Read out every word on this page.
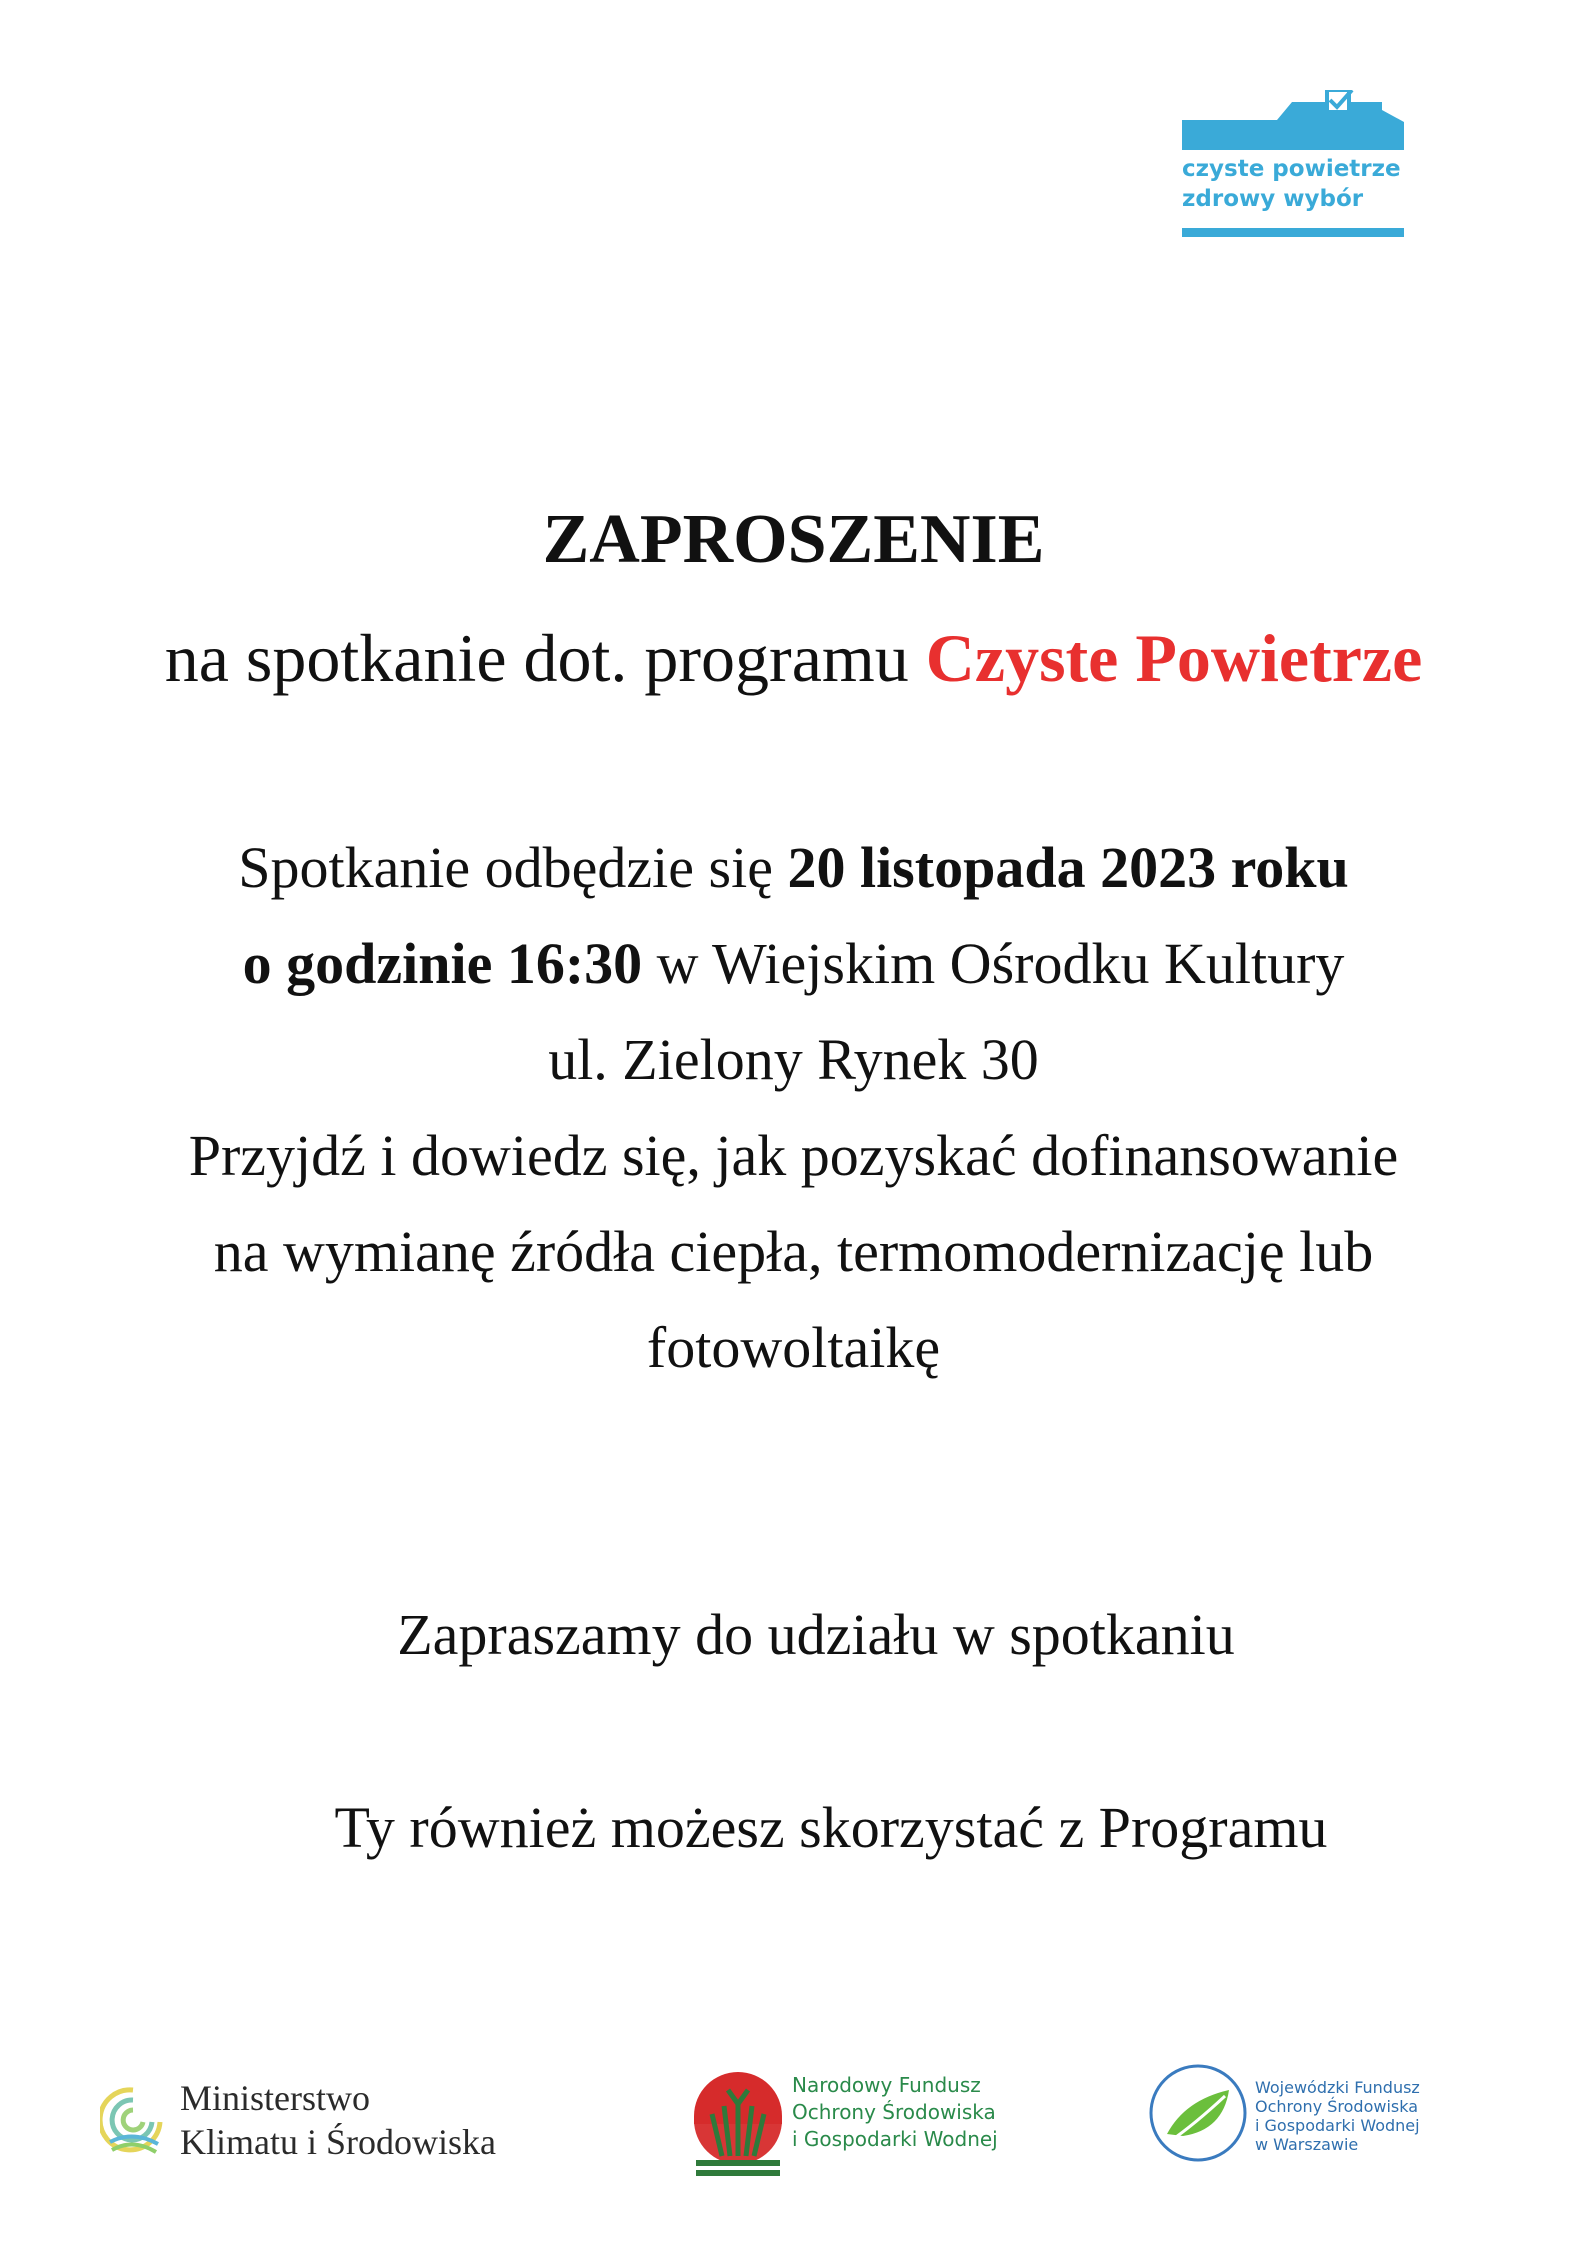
czyste powietrze
zdrowy wybór
ZAPROSZENIE
na spotkanie dot. programu Czyste Powietrze
Spotkanie odbędzie się 20 listopada 2023 roku
o godzinie 16:30 w Wiejskim Ośrodku Kultury
ul. Zielony Rynek 30
Przyjdź i dowiedz się, jak pozyskać dofinansowanie
na wymianę źródła ciepła, termomodernizację lub
fotowoltaikę
Zapraszamy do udziału w spotkaniu
Ty również możesz skorzystać z Programu
Ministerstwo
Klimatu i Środowiska
Narodowy Fundusz
Ochrony Środowiska
i Gospodarki Wodnej
Wojewódzki Fundusz
Ochrony Środowiska
i Gospodarki Wodnej
w Warszawie
